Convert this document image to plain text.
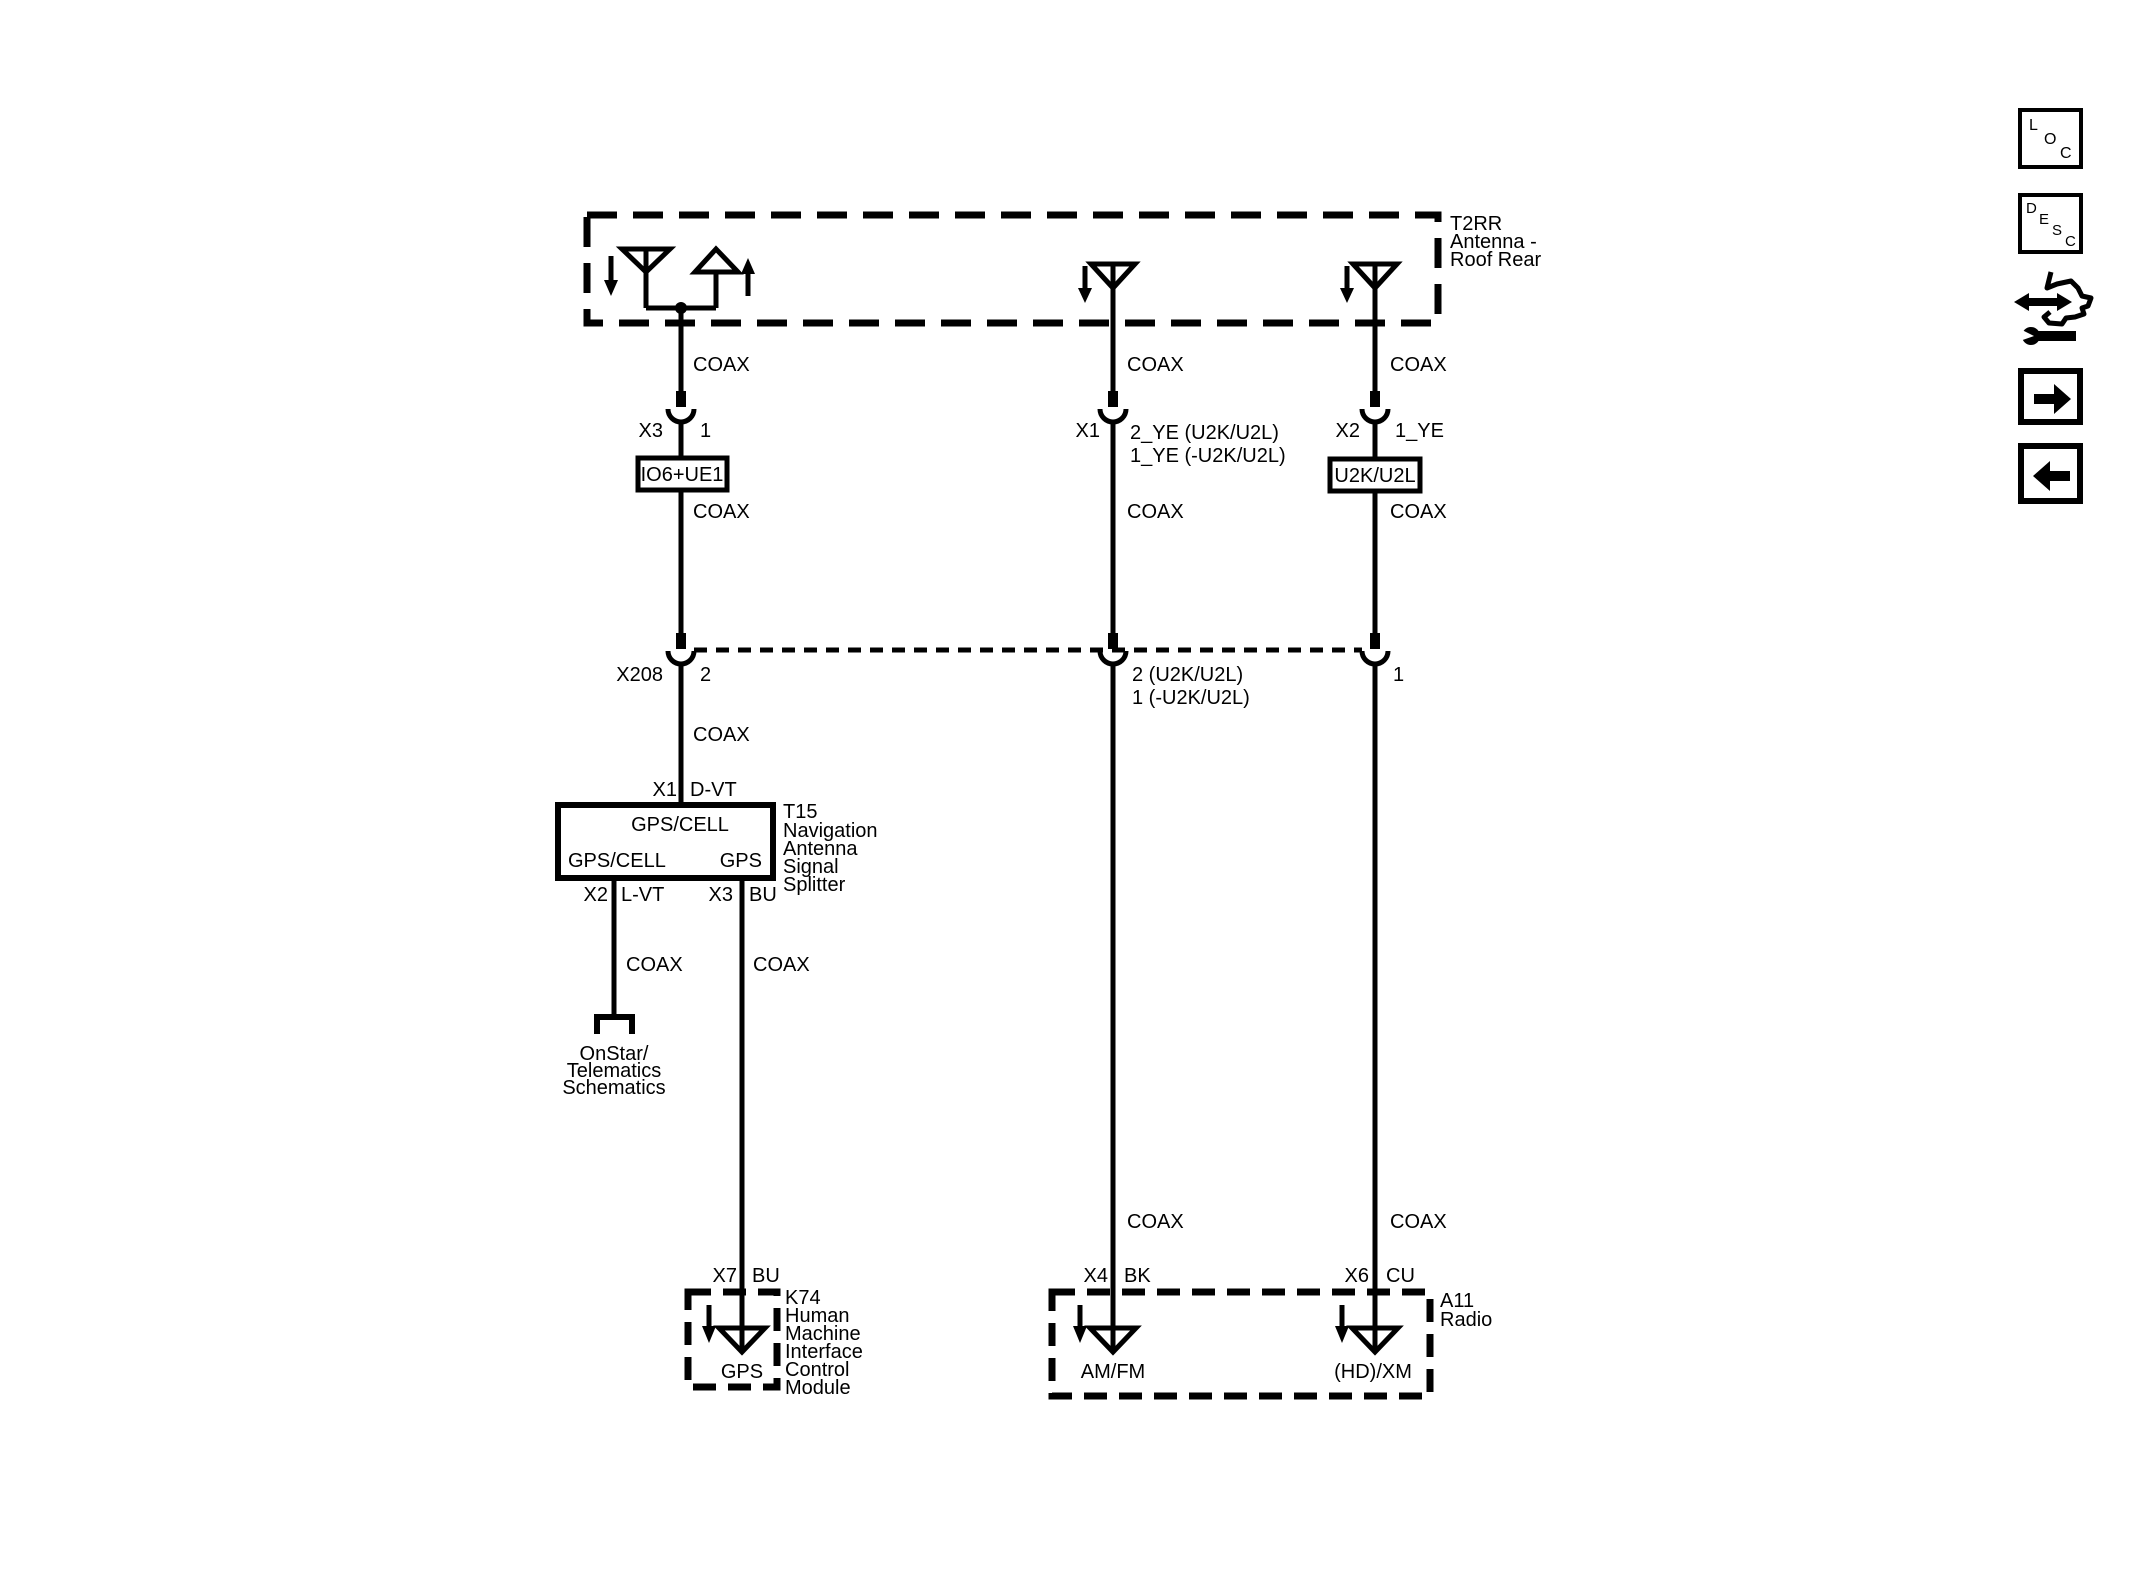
T2RR
Antenna -
Roof Rear
COAX	COAX	COAX
X3 1	X1 2_YE (U2K/U2L)
1_YE (-U2K/U2L)
X2 1_YE
IO6+UE1	U2K/U2L
COAX	COAX	COAX
X208 2	2 (U2K/U2L)
1 (-U2K/U2L)
1
COAX
X1 D-VT
GPS/CELL
GPS/CELL	GPS
T15
Navigation
Antenna
Signal
Splitter
X2 L-VT X3 BU
COAX	COAX
OnStar/
Telematics
Schematics
X7 BU
GPS
K74
Human
Machine
Interface
Control
Module
COAX	COAX
X4 BK	X6 CU
AM/FM	(HD)/XM
A11
Radio
L
O
C
D
E
S
C
